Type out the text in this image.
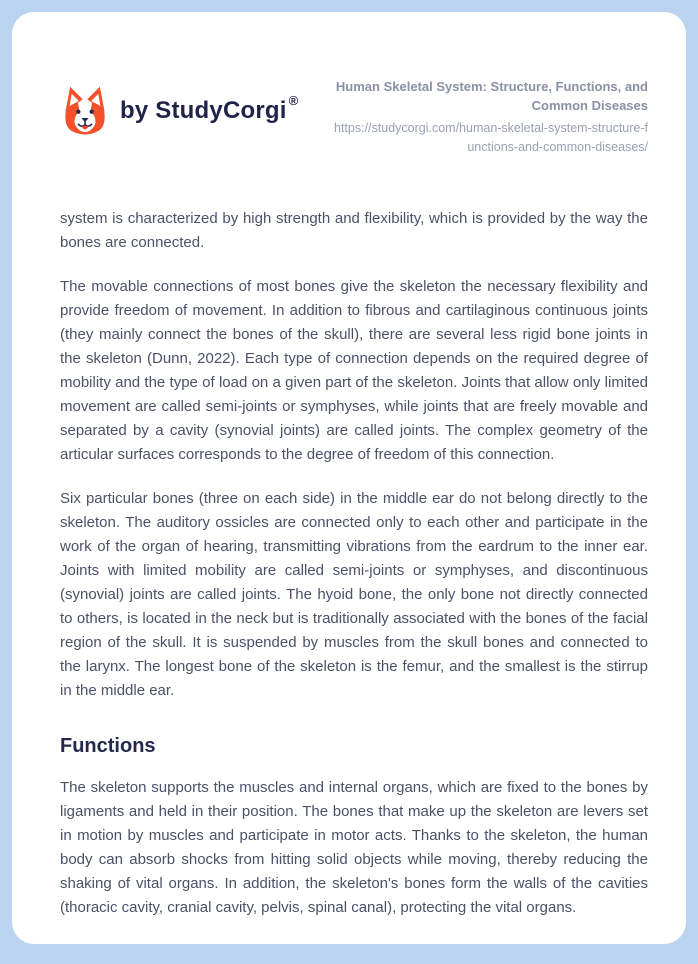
by StudyCorgi ®
Human Skeletal System: Structure, Functions, and Common Diseases
https://studycorgi.com/human-skeletal-system-structure-functions-and-common-diseases/

system is characterized by high strength and flexibility, which is provided by the way the bones are connected.

The movable connections of most bones give the skeleton the necessary flexibility and provide freedom of movement. In addition to fibrous and cartilaginous continuous joints (they mainly connect the bones of the skull), there are several less rigid bone joints in the skeleton (Dunn, 2022). Each type of connection depends on the required degree of mobility and the type of load on a given part of the skeleton. Joints that allow only limited movement are called semi-joints or symphyses, while joints that are freely movable and separated by a cavity (synovial joints) are called joints. The complex geometry of the articular surfaces corresponds to the degree of freedom of this connection.

Six particular bones (three on each side) in the middle ear do not belong directly to the skeleton. The auditory ossicles are connected only to each other and participate in the work of the organ of hearing, transmitting vibrations from the eardrum to the inner ear. Joints with limited mobility are called semi-joints or symphyses, and discontinuous (synovial) joints are called joints. The hyoid bone, the only bone not directly connected to others, is located in the neck but is traditionally associated with the bones of the facial region of the skull. It is suspended by muscles from the skull bones and connected to the larynx. The longest bone of the skeleton is the femur, and the smallest is the stirrup in the middle ear.

Functions

The skeleton supports the muscles and internal organs, which are fixed to the bones by ligaments and held in their position. The bones that make up the skeleton are levers set in motion by muscles and participate in motor acts. Thanks to the skeleton, the human body can absorb shocks from hitting solid objects while moving, thereby reducing the shaking of vital organs. In addition, the skeleton's bones form the walls of the cavities (thoracic cavity, cranial cavity, pelvis, spinal canal), protecting the vital organs.
